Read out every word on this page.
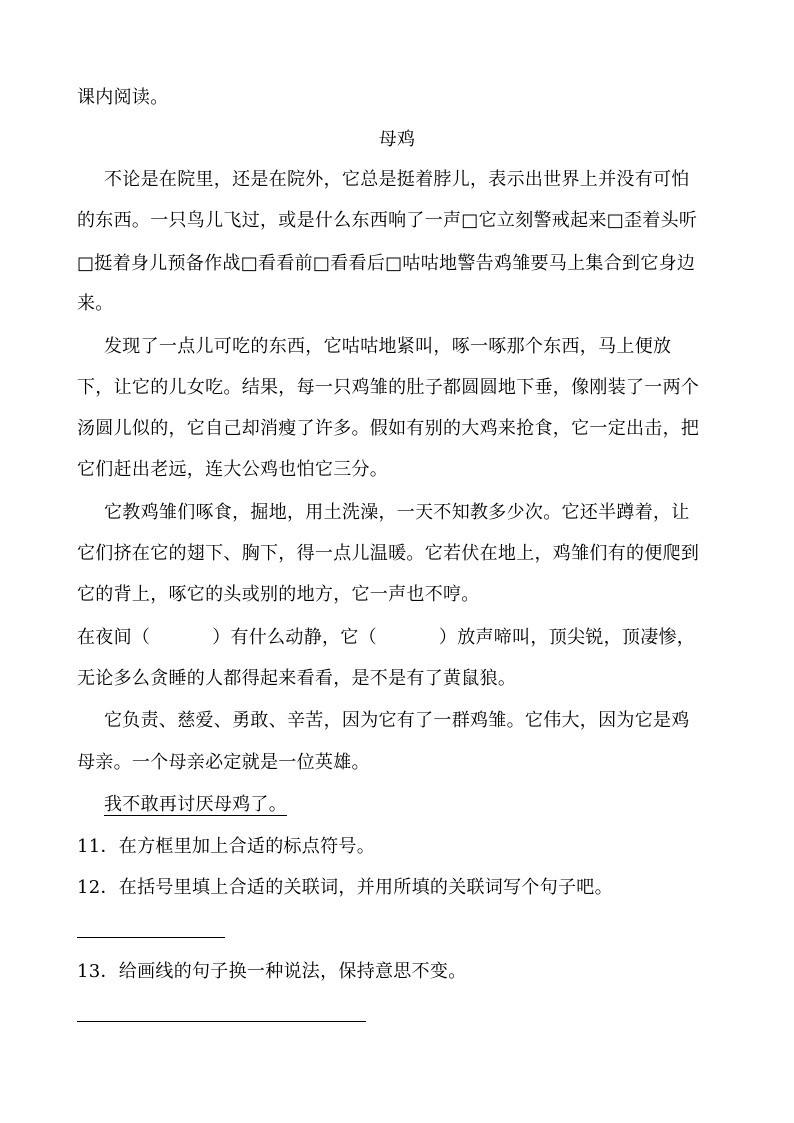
课内阅读。
母鸡
不论是在院里，还是在院外，它总是挺着脖儿，表示出世界上并没有可怕
的东西。一只鸟儿飞过，或是什么东西响了一声□它立刻警戒起来□歪着头听
□挺着身儿预备作战□看看前□看看后□咕咕地警告鸡雏要马上集合到它身边
来。
发现了一点儿可吃的东西，它咕咕地紧叫，啄一啄那个东西，马上便放
下，让它的儿女吃。结果，每一只鸡雏的肚子都圆圆地下垂，像刚装了一两个
汤圆儿似的，它自己却消瘦了许多。假如有别的大鸡来抢食，它一定出击，把
它们赶出老远，连大公鸡也怕它三分。
它教鸡雏们啄食，掘地，用土洗澡，一天不知教多少次。它还半蹲着，让
它们挤在它的翅下、胸下，得一点儿温暖。它若伏在地上，鸡雏们有的便爬到
它的背上，啄它的头或别的地方，它一声也不哼。
在夜间（	）有什么动静，它（	）放声啼叫，顶尖锐，顶凄惨，
无论多么贪睡的人都得起来看看，是不是有了黄鼠狼。
它负责、慈爱、勇敢、辛苦，因为它有了一群鸡雏。它伟大，因为它是鸡
母亲。一个母亲必定就是一位英雄。
我不敢再讨厌母鸡了。
11．在方框里加上合适的标点符号。
12．在括号里填上合适的关联词，并用所填的关联词写个句子吧。
13．给画线的句子换一种说法，保持意思不变。
